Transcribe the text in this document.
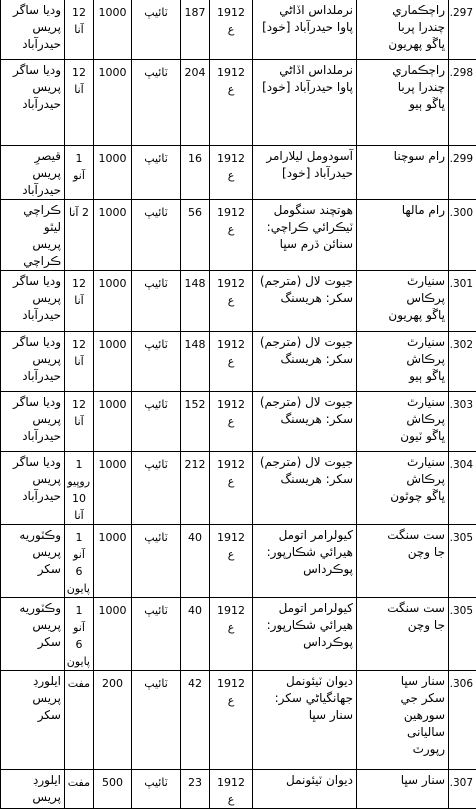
297.	راڄڪماري
چندرا پربا
ڀاڱو پھريون	نرملداس اڏاڻي
پاوا حيدرآباد [خود]	1912 ع	187	ٽائيپ	1000	12 آنا	وديا ساگر پريس
حيدرآباد
298.	راڄڪماري
چندرا پربا
ڀاڱو ٻيو	نرملداس اڏاڻي
پاوا حيدرآباد [خود]	1912 ع	204	ٽائيپ	1000	12 آنا	وديا ساگر پريس
حيدرآباد
299.	رام سوچنا	آسودومل ليلارامر
حيدرآباد [خود]	1912 ع	16	ٽائيپ	1000	1 آنو	قيصرِ پريس
حيدرآباد
300.	رام مالھا	ھوتچند سنگومل
ٽيڪرائي ڪراچي:
سنائن ڌرم سڀا	1912 ع	56	ٽائيپ	1000	2 آنا	ڪراچي ليٿو
پريس ڪراچي
301.	سنيارٿ
پرڪاس
ڀاڱو پھريون	جيوت لال (مترجم)
سکر: ھريسنگ	1912 ع	148	ٽائيپ	1000	12 آنا	وديا ساگر پريس
حيدرآباد
302.	سنيارٿ
پرڪاش
ڀاڱو ٻيو	جيوت لال (مترجم)
سکر: ھريسنگ	1912 ع	148	ٽائيپ	1000	12 آنا	وديا ساگر پريس
حيدرآباد
303.	سنيارٿ
پرڪاش
ڀاڱو ٽيون	جيوت لال (مترجم)
سکر: ھريسنگ	1912 ع	152	ٽائيپ	1000	12 آنا	وديا ساگر پريس
حيدرآباد
304.	سنيارٿ
پرڪاش
ڀاڱو چوٿون	جيوت لال (مترجم)
سکر: ھريسنگ	1912 ع	212	ٽائيپ	1000	1 روپيو
10 آنا	وديا ساگر پريس
حيدرآباد
305.	ست سنگت
جا وچن	کيولرامر اتومل
ھيرائي شڪارپور:
پوڪرداس	1912 ع	40	ٽائيپ	1000	1 آنو 6
پايون	وڪٽوريه پريس
سکر
305.	ست سنگت
جا وچن	کيولرامر اتومل
ھيرائي شڪارپور:
پوڪرداس	1912 ع	40	ٽائيپ	1000	1 آنو 6
پايون	وڪٽوريه پريس
سکر
306.	سنار سڀا
سکر جي
سورھين
ساليانی
رپورٽ	ديوان ٽيئونمل
جھانگياڻي سکر:
سنار سڀا	1912 ع	42	ٽائيپ	200	مفت	ايلورڊ پريس
سکر
307.	سنار سڀا	ديوان ٽيئونمل	1912 ع	23	ٽائيپ	500	مفت	ايلورڊ پريس
